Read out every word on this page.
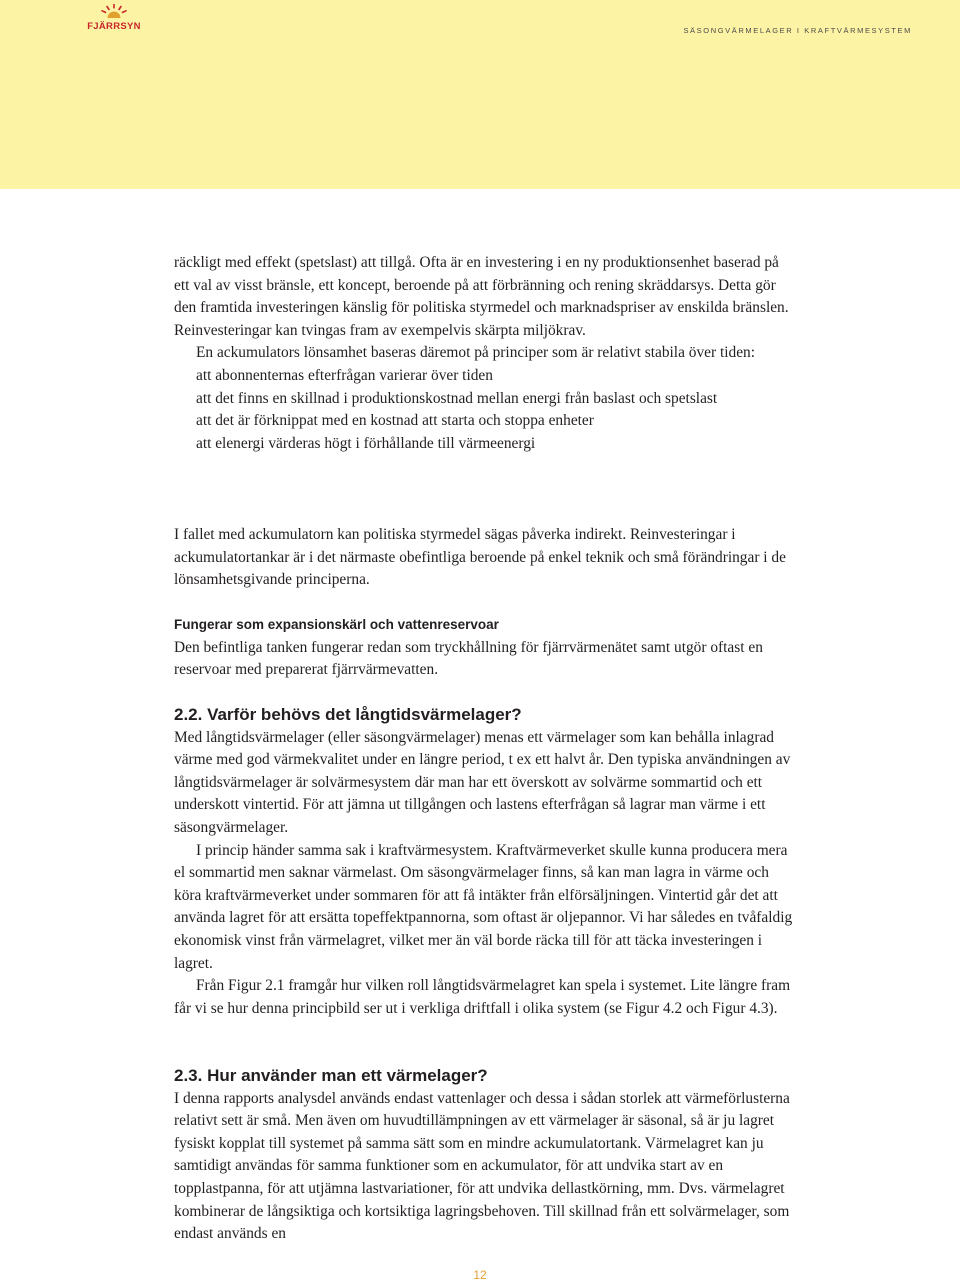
FJÄRRSYN	SÄSONGVÄRMELAGER I KRAFTVÄRMESYSTEM

räckligt med effekt (spetslast) att tillgå. Ofta är en investering i en ny produktionsenhet baserad på ett val av visst bränsle, ett koncept, beroende på att förbränning och rening skräddarsys. Detta gör den framtida investeringen känslig för politiska styrmedel och marknadspriser av enskilda bränslen. Reinvesteringar kan tvingas fram av exempelvis skärpta miljökrav.

En ackumulators lönsamhet baseras däremot på principer som är relativt stabila över tiden:

att abonnenternas efterfrågan varierar över tiden

att det finns en skillnad i produktionskostnad mellan energi från baslast och spetslast

att det är förknippat med en kostnad att starta och stoppa enheter

att elenergi värderas högt i förhållande till värmeenergi

I fallet med ackumulatorn kan politiska styrmedel sägas påverka indirekt. Reinvesteringar i ackumulatortankar är i det närmaste obefintliga beroende på enkel teknik och små förändringar i de lönsamhetsgivande principerna.

Fungerar som expansionskärl och vattenreservoar

Den befintliga tanken fungerar redan som tryckhållning för fjärrvärmenätet samt utgör oftast en reservoar med preparerat fjärrvärmevatten.

2.2. Varför behövs det långtidsvärmelager?

Med långtidsvärmelager (eller säsongvärmelager) menas ett värmelager som kan behålla inlagrad värme med god värmekvalitet under en längre period, t ex ett halvt år. Den typiska användningen av långtidsvärmelager är solvärmesystem där man har ett överskott av solvärme sommartid och ett underskott vintertid. För att jämna ut tillgången och lastens efterfrågan så lagrar man värme i ett säsongvärmelager.

I princip händer samma sak i kraftvärmesystem. Kraftvärmeverket skulle kunna producera mera el sommartid men saknar värmelast. Om säsongvärmelager finns, så kan man lagra in värme och köra kraftvärmeverket under sommaren för att få intäkter från elförsäljningen. Vintertid går det att använda lagret för att ersätta topeffektpannorna, som oftast är oljepannor. Vi har således en tvåfaldig ekonomisk vinst från värmelagret, vilket mer än väl borde räcka till för att täcka investeringen i lagret.

Från Figur 2.1 framgår hur vilken roll långtidsvärmelagret kan spela i systemet. Lite längre fram får vi se hur denna principbild ser ut i verkliga driftfall i olika system (se Figur 4.2 och Figur 4.3).

2.3. Hur använder man ett värmelager?

I denna rapports analysdel används endast vattenlager och dessa i sådan storlek att värmeförlusterna relativt sett är små. Men även om huvudtillämpningen av ett värmelager är säsonal, så är ju lagret fysiskt kopplat till systemet på samma sätt som en mindre ackumulatortank. Värmelagret kan ju samtidigt användas för samma funktioner som en ackumulator, för att undvika start av en topplastpanna, för att utjämna lastvariationer, för att undvika dellastkörning, mm. Dvs. värmelagret kombinerar de långsiktiga och kortsiktiga lagringsbehoven. Till skillnad från ett solvärmelager, som endast används en

12
